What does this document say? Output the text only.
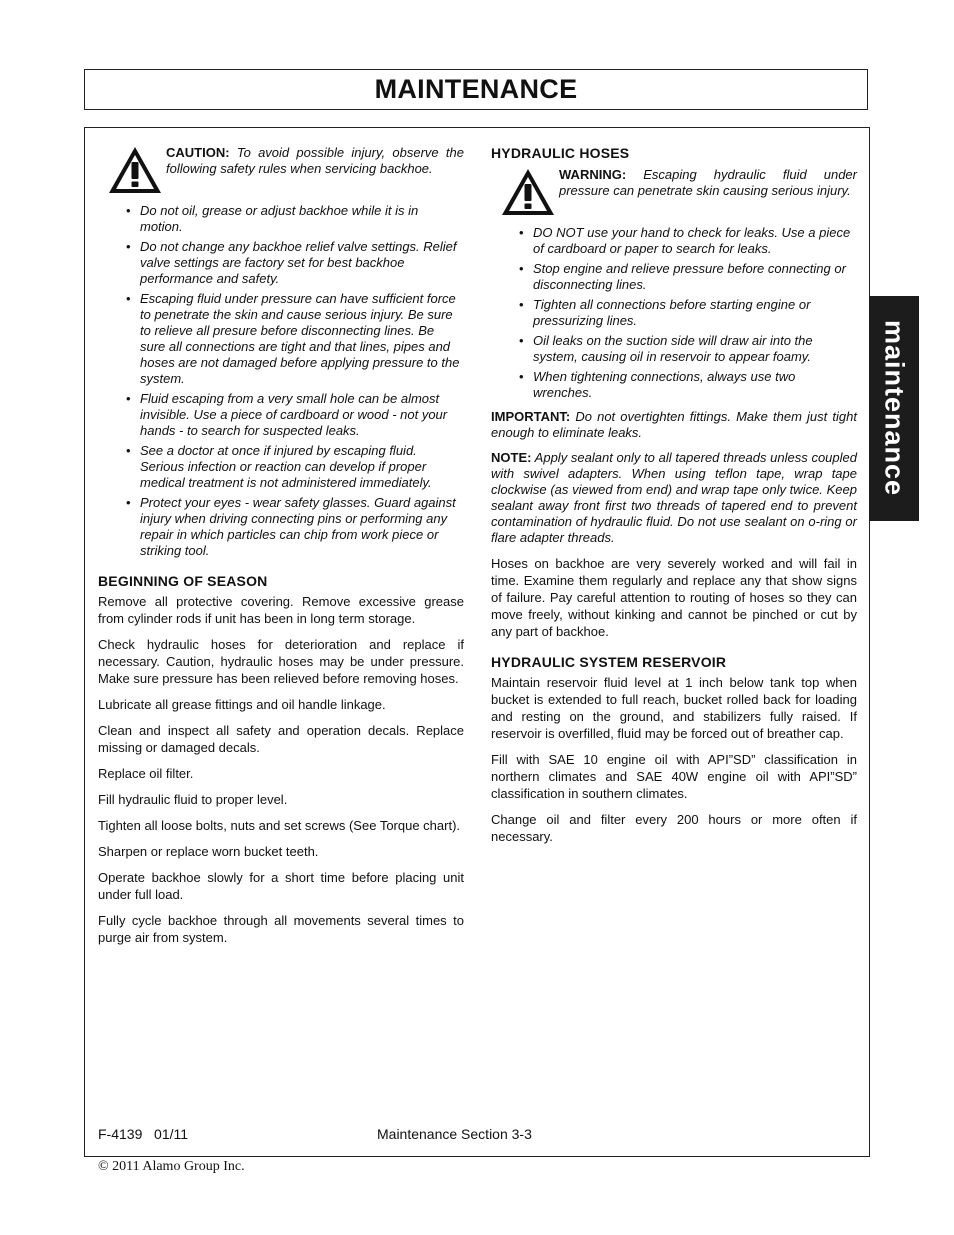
MAINTENANCE
maintenance
CAUTION: To avoid possible injury, observe the following safety rules when servicing backhoe.
• Do not oil, grease or adjust backhoe while it is in motion.
• Do not change any backhoe relief valve settings. Relief valve settings are factory set for best backhoe performance and safety.
• Escaping fluid under pressure can have sufficient force to penetrate the skin and cause serious injury. Be sure to relieve all presure before disconnecting lines. Be sure all connections are tight and that lines, pipes and hoses are not damaged before applying pressure to the system.
• Fluid escaping from a very small hole can be almost invisible. Use a piece of cardboard or wood - not your hands - to search for suspected leaks.
• See a doctor at once if injured by escaping fluid. Serious infection or reaction can develop if proper medical treatment is not administered immediately.
• Protect your eyes - wear safety glasses. Guard against injury when driving connecting pins or performing any repair in which particles can chip from work piece or striking tool.
BEGINNING OF SEASON

Remove all protective covering. Remove excessive grease from cylinder rods if unit has been in long term storage.

Check hydraulic hoses for deterioration and replace if necessary. Caution, hydraulic hoses may be under pressure. Make sure pressure has been relieved before removing hoses.

Lubricate all grease fittings and oil handle linkage.

Clean and inspect all safety and operation decals. Replace missing or damaged decals.

Replace oil filter.

Fill hydraulic fluid to proper level.

Tighten all loose bolts, nuts and set screws (See Torque chart).

Sharpen or replace worn bucket teeth.

Operate backhoe slowly for a short time before placing unit under full load.

Fully cycle backhoe through all movements several times to purge air from system.

HYDRAULIC HOSES
WARNING: Escaping hydraulic fluid under pressure can penetrate skin causing serious injury.
• DO NOT use your hand to check for leaks. Use a piece of cardboard or paper to search for leaks.
• Stop engine and relieve pressure before connecting or disconnecting lines.
• Tighten all connections before starting engine or pressurizing lines.
• Oil leaks on the suction side will draw air into the system, causing oil in reservoir to appear foamy.
• When tightening connections, always use two wrenches.

IMPORTANT: Do not overtighten fittings. Make them just tight enough to eliminate leaks.

NOTE: Apply sealant only to all tapered threads unless coupled with swivel adapters. When using teflon tape, wrap tape clockwise (as viewed from end) and wrap tape only twice. Keep sealant away front first two threads of tapered end to prevent contamination of hydraulic fluid. Do not use sealant on o-ring or flare adapter threads.

Hoses on backhoe are very severely worked and will fail in time. Examine them regularly and replace any that show signs of failure. Pay careful attention to routing of hoses so they can move freely, without kinking and cannot be pinched or cut by any part of backhoe.

HYDRAULIC SYSTEM RESERVOIR

Maintain reservoir fluid level at 1 inch below tank top when bucket is extended to full reach, bucket rolled back for loading and resting on the ground, and stabilizers fully raised. If reservoir is overfilled, fluid may be forced out of breather cap.

Fill with SAE 10 engine oil with API”SD” classification in northern climates and SAE 40W engine oil with API”SD” classification in southern climates.

Change oil and filter every 200 hours or more often if necessary.

F-4139   01/11	Maintenance Section 3-3
© 2011 Alamo Group Inc.
